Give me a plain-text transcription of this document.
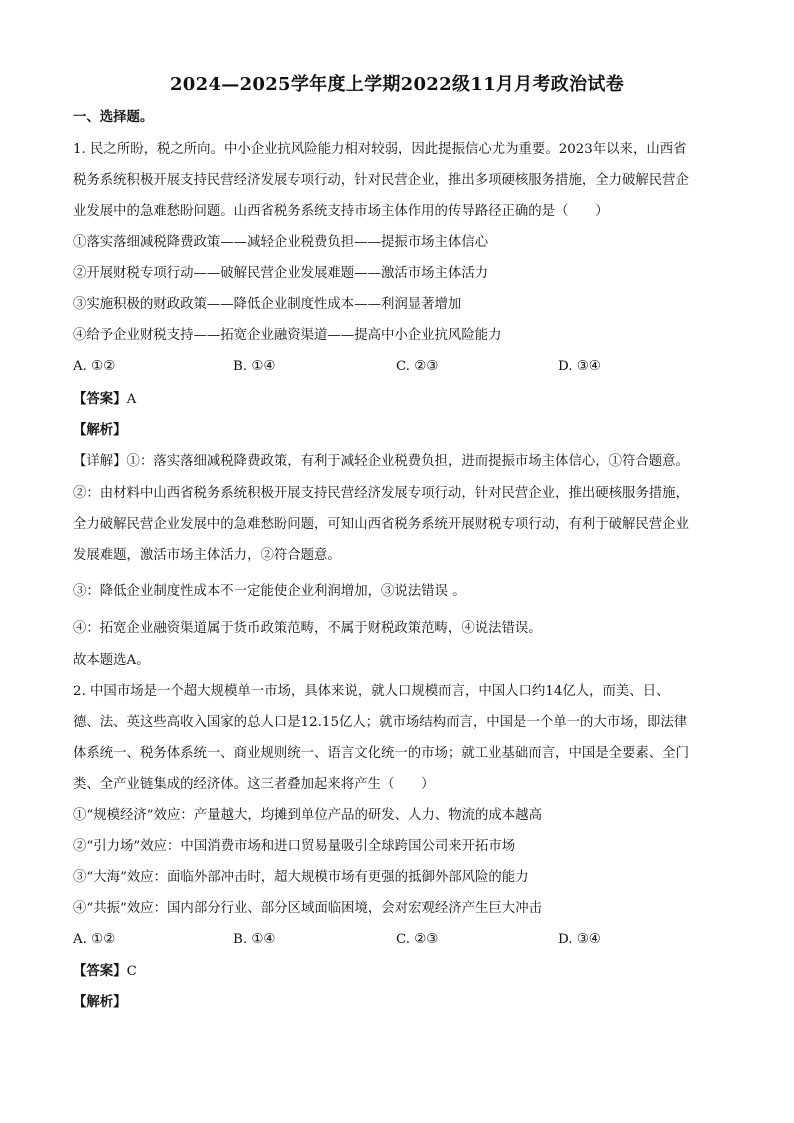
2024—2025学年度上学期2022级11月月考政治试卷
一、选择题。
1. 民之所盼，税之所向。中小企业抗风险能力相对较弱，因此提振信心尤为重要。2023年以来，山西省
税务系统积极开展支持民营经济发展专项行动，针对民营企业，推出多项硬核服务措施，全力破解民营企
业发展中的急难愁盼问题。山西省税务系统支持市场主体作用的传导路径正确的是（　　）
①落实落细减税降费政策——减轻企业税费负担——提振市场主体信心
②开展财税专项行动——破解民营企业发展难题——激活市场主体活力
③实施积极的财政政策——降低企业制度性成本——利润显著增加
④给予企业财税支持——拓宽企业融资渠道——提高中小企业抗风险能力
A. ①②	B. ①④	C. ②③	D. ③④
【答案】A
【解析】
【详解】①：落实落细减税降费政策，有利于减轻企业税费负担，进而提振市场主体信心，①符合题意。
②：由材料中山西省税务系统积极开展支持民营经济发展专项行动，针对民营企业，推出硬核服务措施，
全力破解民营企业发展中的急难愁盼问题，可知山西省税务系统开展财税专项行动，有利于破解民营企业
发展难题，激活市场主体活力，②符合题意。
③：降低企业制度性成本不一定能使企业利润增加，③说法错误 。
④：拓宽企业融资渠道属于货币政策范畴，不属于财税政策范畴，④说法错误。
故本题选A。
2. 中国市场是一个超大规模单一市场，具体来说，就人口规模而言，中国人口约14亿人，而美、日、
德、法、英这些高收入国家的总人口是12.15亿人；就市场结构而言，中国是一个单一的大市场，即法律
体系统一、税务体系统一、商业规则统一、语言文化统一的市场；就工业基础而言，中国是全要素、全门
类、全产业链集成的经济体。这三者叠加起来将产生（　　）
①“规模经济”效应：产量越大，均摊到单位产品的研发、人力、物流的成本越高
②“引力场”效应：中国消费市场和进口贸易量吸引全球跨国公司来开拓市场
③“大海”效应：面临外部冲击时，超大规模市场有更强的抵御外部风险的能力
④“共振”效应：国内部分行业、部分区域面临困境，会对宏观经济产生巨大冲击
A. ①②	B. ①④	C. ②③	D. ③④
【答案】C
【解析】
